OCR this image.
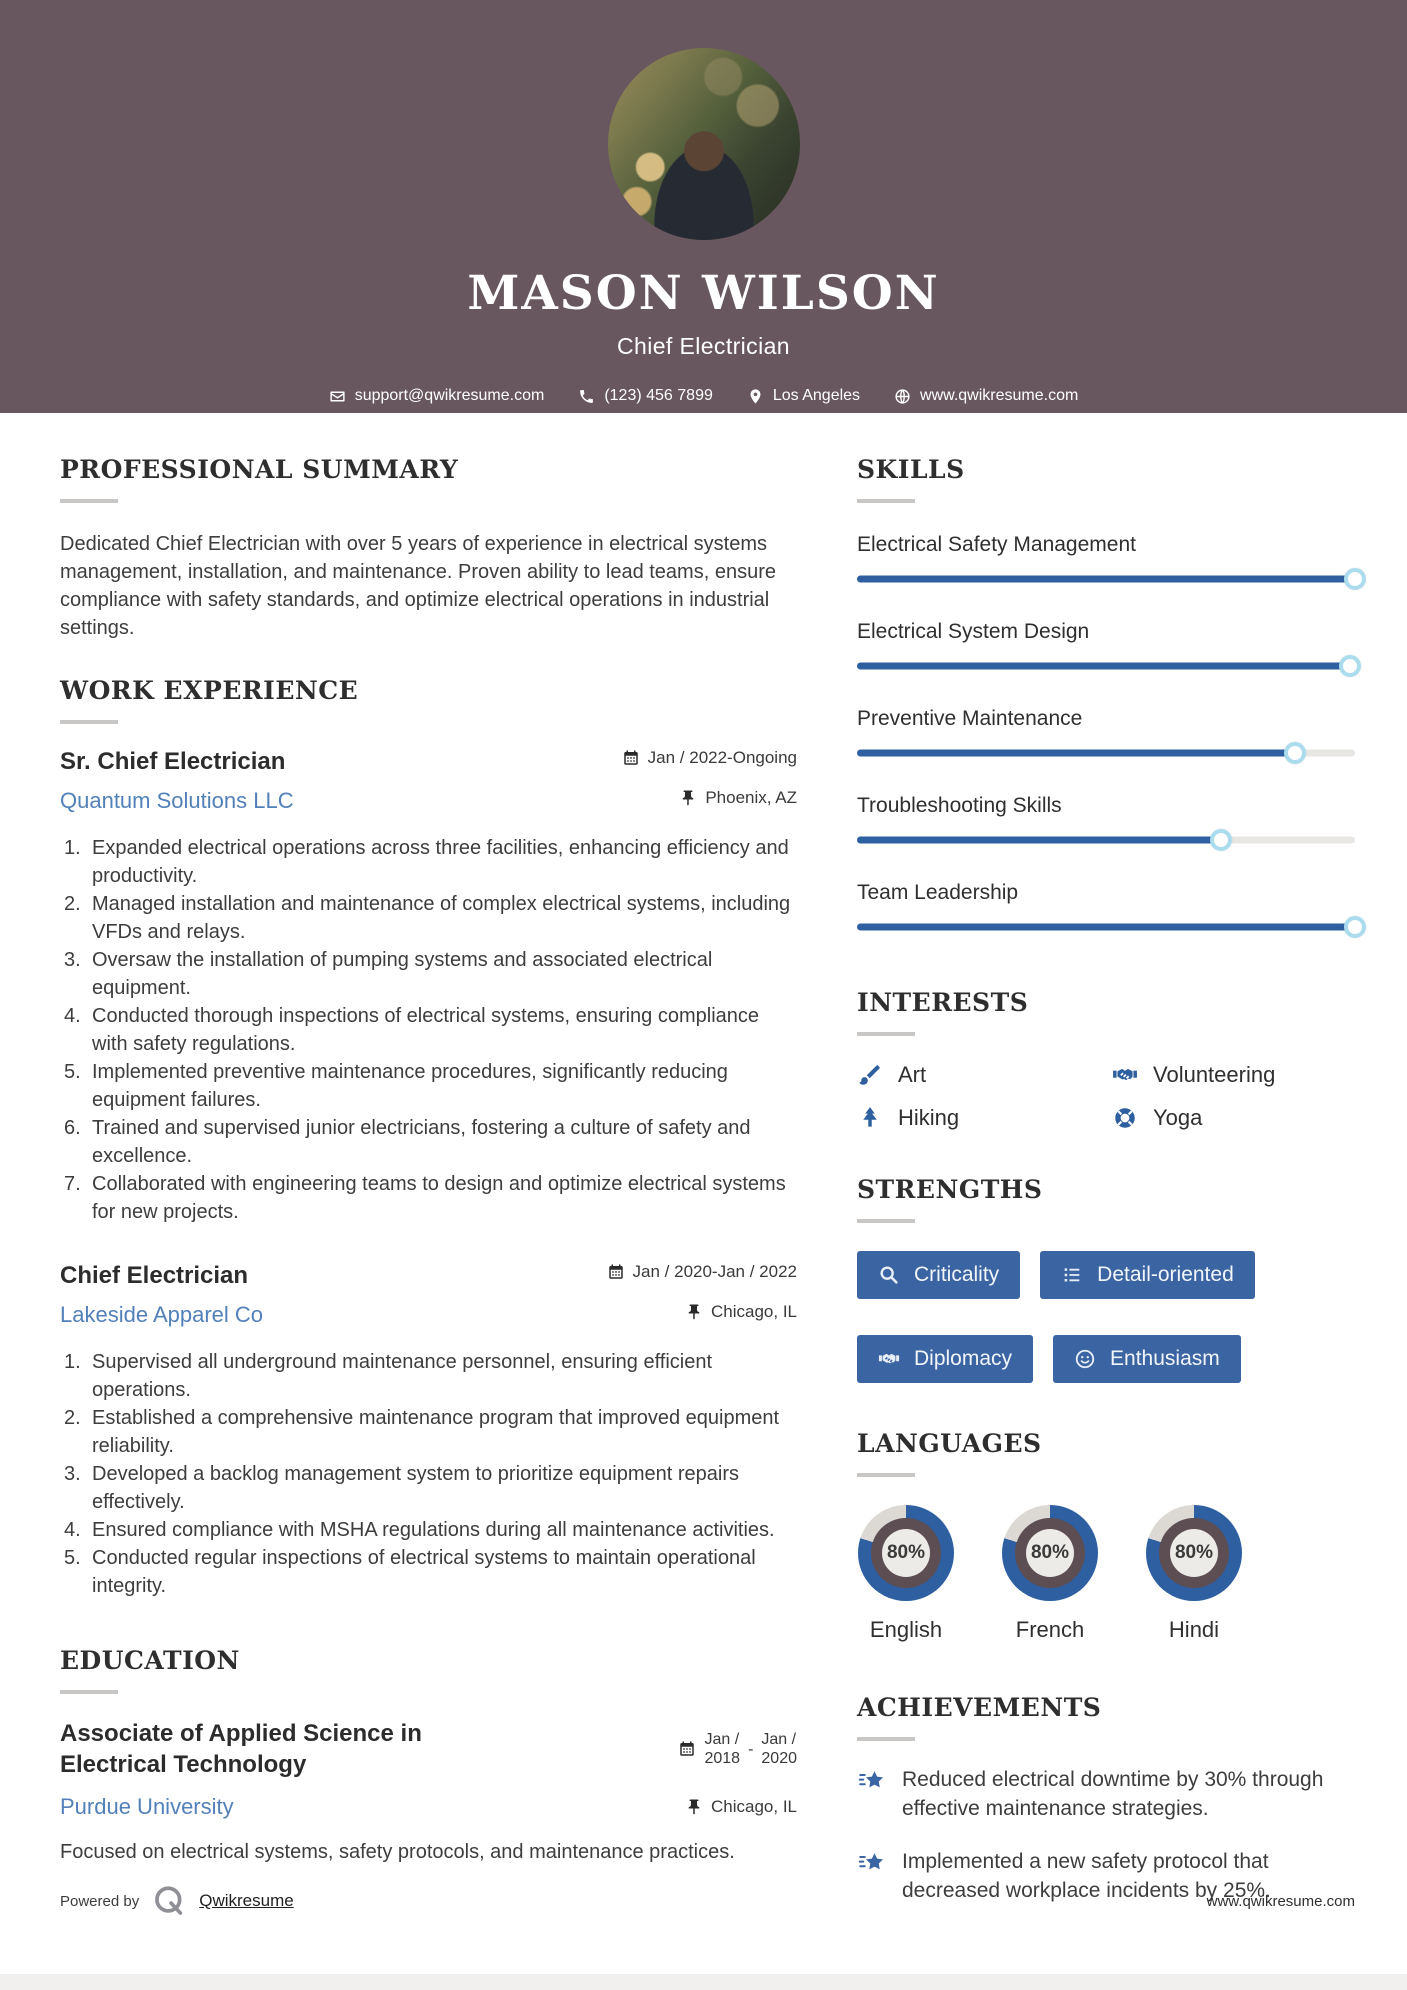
MASON WILSON
Chief Electrician
support@qwikresume.com	(123) 456 7899	Los Angeles	www.qwikresume.com
PROFESSIONAL SUMMARY

Dedicated Chief Electrician with over 5 years of experience in electrical systems management, installation, and maintenance. Proven ability to lead teams, ensure compliance with safety standards, and optimize electrical operations in industrial settings.

WORK EXPERIENCE
Sr. Chief Electrician	Jan / 2022-Ongoing
Quantum Solutions LLC	Phoenix, AZ
Expanded electrical operations across three facilities, enhancing efficiency and productivity.
Managed installation and maintenance of complex electrical systems, including VFDs and relays.
Oversaw the installation of pumping systems and associated electrical equipment.
Conducted thorough inspections of electrical systems, ensuring compliance with safety regulations.
Implemented preventive maintenance procedures, significantly reducing equipment failures.
Trained and supervised junior electricians, fostering a culture of safety and excellence.
Collaborated with engineering teams to design and optimize electrical systems for new projects.
Chief Electrician	Jan / 2020-Jan / 2022
Lakeside Apparel Co	Chicago, IL
Supervised all underground maintenance personnel, ensuring efficient operations.
Established a comprehensive maintenance program that improved equipment reliability.
Developed a backlog management system to prioritize equipment repairs effectively.
Ensured compliance with MSHA regulations during all maintenance activities.
Conducted regular inspections of electrical systems to maintain operational integrity.
EDUCATION
Associate of Applied Science in Electrical Technology
Jan /
2018
-
Jan /
2020
Purdue University	Chicago, IL

Focused on electrical systems, safety protocols, and maintenance practices.

SKILLS
Electrical Safety Management
Electrical System Design
Preventive Maintenance
Troubleshooting Skills
Team Leadership
INTERESTS
Art	Volunteering
Hiking	Yoga
STRENGTHS
Criticality	Detail-oriented
Diplomacy	Enthusiasm
LANGUAGES
80%
English
80%
French
80%
Hindi
ACHIEVEMENTS
Reduced electrical downtime by 30% through effective maintenance strategies.
Implemented a new safety protocol that decreased workplace incidents by 25%.
Powered by	Qwikresume	www.qwikresume.com
